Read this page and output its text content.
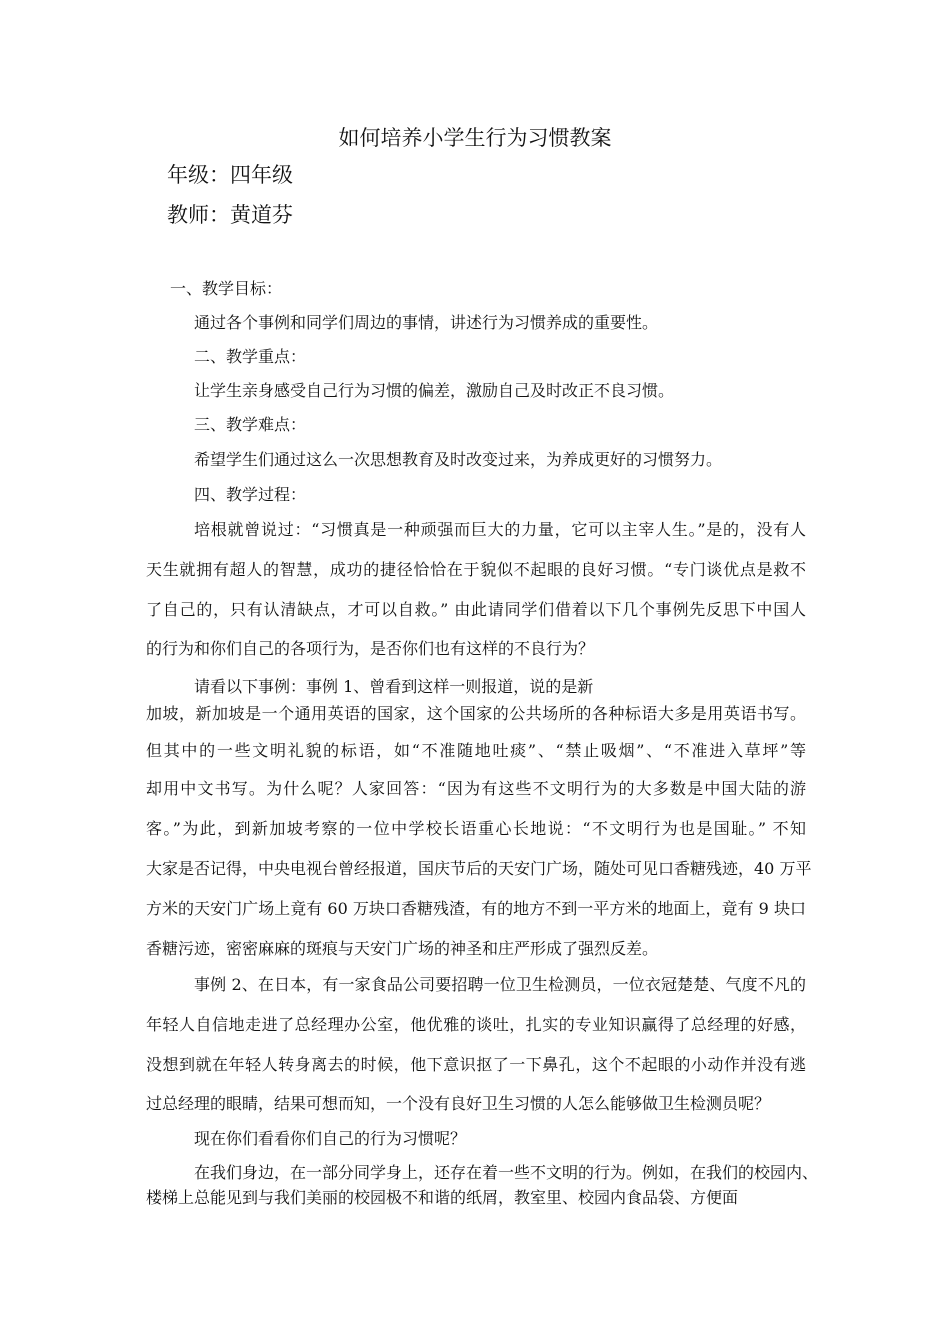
如何培养小学生行为习惯教案
年级：四年级
教师：黄道芬
一、教学目标：
通过各个事例和同学们周边的事情，讲述行为习惯养成的重要性。
二、教学重点：
让学生亲身感受自己行为习惯的偏差，激励自己及时改正不良习惯。
三、教学难点：
希望学生们通过这么一次思想教育及时改变过来，为养成更好的习惯努力。
四、教学过程：
培根就曾说过：“习惯真是一种顽强而巨大的力量，它可以主宰人生。”是的，没有人
天生就拥有超人的智慧，成功的捷径恰恰在于貌似不起眼的良好习惯。“专门谈优点是救不
了自己的，只有认清缺点，才可以自救。” 由此请同学们借着以下几个事例先反思下中国人
的行为和你们自己的各项行为，是否你们也有这样的不良行为？
请看以下事例：事例 1、曾看到这样一则报道，说的是新
加坡，新加坡是一个通用英语的国家，这个国家的公共场所的各种标语大多是用英语书写。
但其中的一些文明礼貌的标语，如“不准随地吐痰”、“禁止吸烟”、“不准进入草坪”等
却用中文书写。为什么呢？人家回答：“因为有这些不文明行为的大多数是中国大陆的游
客。”为此，到新加坡考察的一位中学校长语重心长地说：“不文明行为也是国耻。” 不知
大家是否记得，中央电视台曾经报道，国庆节后的天安门广场，随处可见口香糖残迹，40 万平
方米的天安门广场上竟有 60 万块口香糖残渣，有的地方不到一平方米的地面上，竟有 9 块口
香糖污迹，密密麻麻的斑痕与天安门广场的神圣和庄严形成了强烈反差。
事例 2、在日本，有一家食品公司要招聘一位卫生检测员，一位衣冠楚楚、气度不凡的
年轻人自信地走进了总经理办公室，他优雅的谈吐，扎实的专业知识赢得了总经理的好感，
没想到就在年轻人转身离去的时候，他下意识抠了一下鼻孔，这个不起眼的小动作并没有逃
过总经理的眼睛，结果可想而知，一个没有良好卫生习惯的人怎么能够做卫生检测员呢？
现在你们看看你们自己的行为习惯呢？
在我们身边，在一部分同学身上，还存在着一些不文明的行为。例如，在我们的校园内、
楼梯上总能见到与我们美丽的校园极不和谐的纸屑，教室里、校园内食品袋、方便面
